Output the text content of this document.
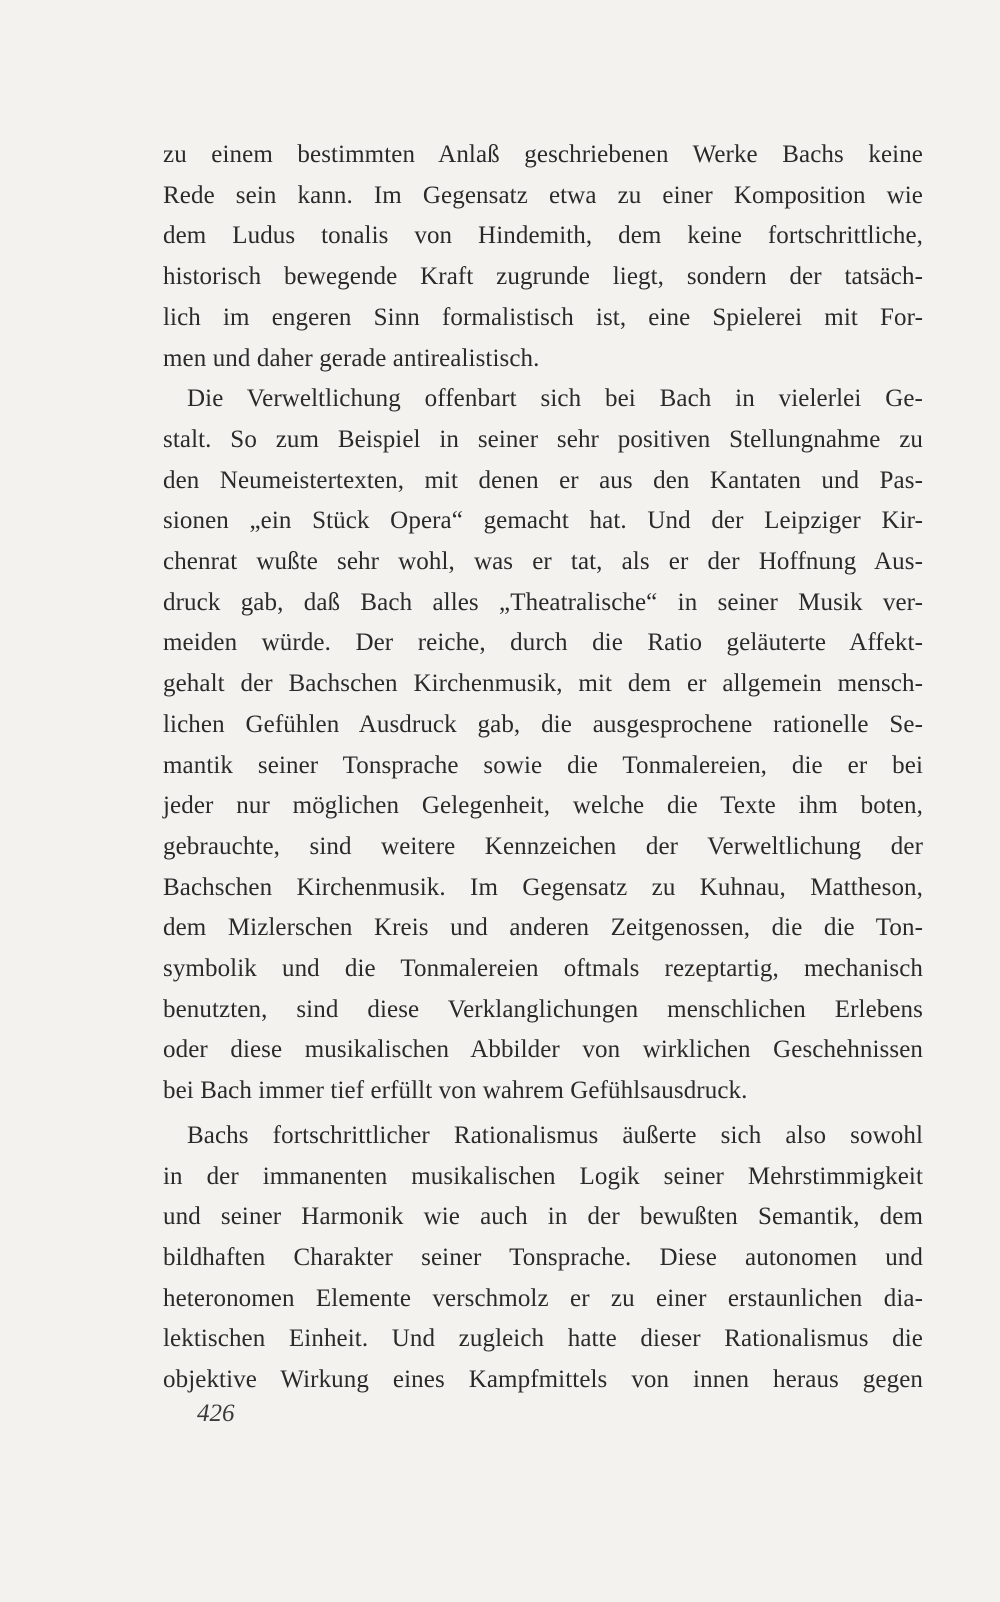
zu einem bestimmten Anlaß geschriebenen Werke Bachs keine
Rede sein kann. Im Gegensatz etwa zu einer Komposition wie
dem Ludus tonalis von Hindemith, dem keine fortschrittliche,
historisch bewegende Kraft zugrunde liegt, sondern der tatsäch-
lich im engeren Sinn formalistisch ist, eine Spielerei mit For-
men und daher gerade antirealistisch.

Die Verweltlichung offenbart sich bei Bach in vielerlei Ge-
stalt. So zum Beispiel in seiner sehr positiven Stellungnahme zu
den Neumeistertexten, mit denen er aus den Kantaten und Pas-
sionen „ein Stück Opera“ gemacht hat. Und der Leipziger Kir-
chenrat wußte sehr wohl, was er tat, als er der Hoffnung Aus-
druck gab, daß Bach alles „Theatralische“ in seiner Musik ver-
meiden würde. Der reiche, durch die Ratio geläuterte Affekt-
gehalt der Bachschen Kirchenmusik, mit dem er allgemein mensch-
lichen Gefühlen Ausdruck gab, die ausgesprochene rationelle Se-
mantik seiner Tonsprache sowie die Tonmalereien, die er bei
jeder nur möglichen Gelegenheit, welche die Texte ihm boten,
gebrauchte, sind weitere Kennzeichen der Verweltlichung der
Bachschen Kirchenmusik. Im Gegensatz zu Kuhnau, Mattheson,
dem Mizlerschen Kreis und anderen Zeitgenossen, die die Ton-
symbolik und die Tonmalereien oftmals rezeptartig, mechanisch
benutzten, sind diese Verklanglichungen menschlichen Erlebens
oder diese musikalischen Abbilder von wirklichen Geschehnissen
bei Bach immer tief erfüllt von wahrem Gefühlsausdruck.

Bachs fortschrittlicher Rationalismus äußerte sich also sowohl
in der immanenten musikalischen Logik seiner Mehrstimmigkeit
und seiner Harmonik wie auch in der bewußten Semantik, dem
bildhaften Charakter seiner Tonsprache. Diese autonomen und
heteronomen Elemente verschmolz er zu einer erstaunlichen dia-
lektischen Einheit. Und zugleich hatte dieser Rationalismus die
objektive Wirkung eines Kampfmittels von innen heraus gegen

426
